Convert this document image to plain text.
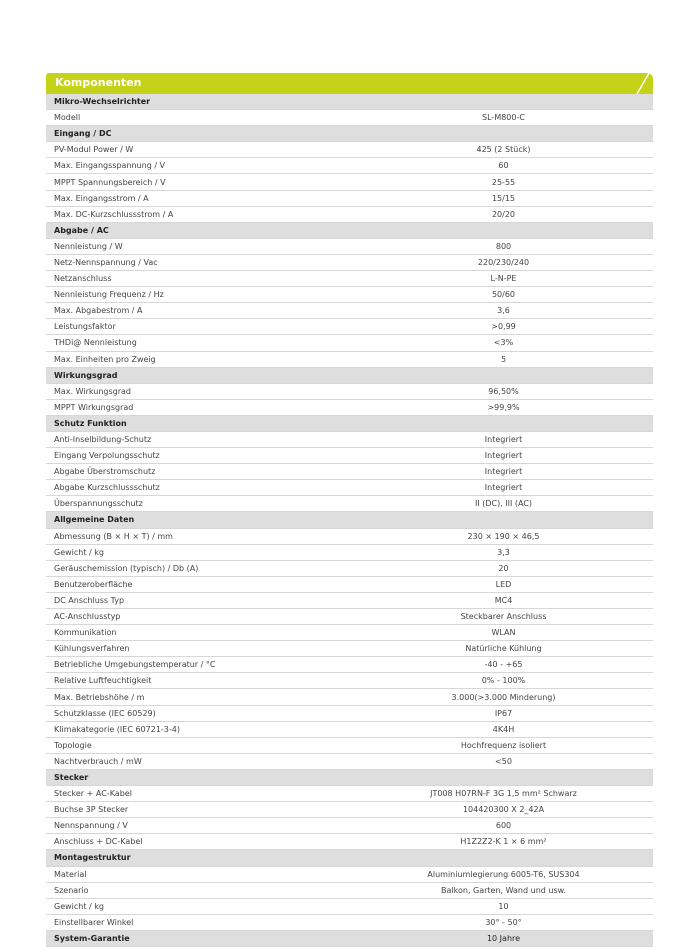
Komponenten
Mikro-Wechselrichter	
Modell	SL-M800-C
Eingang / DC	
PV-Modul Power / W	425 (2 Stück)
Max. Eingangsspannung / V	60
MPPT Spannungsbereich / V	25-55
Max. Eingangsstrom / A	15/15
Max. DC-Kurzschlussstrom / A	20/20
Abgabe / AC	
Nennleistung / W	800
Netz-Nennspannung / Vac	220/230/240
Netzanschluss	L-N-PE
Nennleistung Frequenz / Hz	50/60
Max. Abgabestrom / A	3,6
Leistungsfaktor	>0,99
THDi@ Nennleistung	<3%
Max. Einheiten pro Zweig	5
Wirkungsgrad	
Max. Wirkungsgrad	96,50%
MPPT Wirkungsgrad	>99,9%
Schutz Funktion	
Anti-Inselbildung-Schutz	Integriert
Eingang Verpolungsschutz	Integriert
Abgabe Überstromschutz	Integriert
Abgabe Kurzschlussschutz	Integriert
Überspannungsschutz	II (DC), III (AC)
Allgemeine Daten	
Abmessung (B × H × T) / mm	230 × 190 × 46,5
Gewicht / kg	3,3
Geräuschemission (typisch) / Db (A)	20
Benutzeroberfläche	LED
DC Anschluss Typ	MC4
AC-Anschlusstyp	Steckbarer Anschluss
Kommunikation	WLAN
Kühlungsverfahren	Natürliche Kühlung
Betriebliche Umgebungstemperatur / °C	-40 - +65
Relative Luftfeuchtigkeit	0% - 100%
Max. Betriebshöhe / m	3.000(>3.000 Minderung)
Schutzklasse (IEC 60529)	IP67
Klimakategorie (IEC 60721-3-4)	4K4H
Topologie	Hochfrequenz isoliert
Nachtverbrauch / mW	<50
Stecker	
Stecker + AC-Kabel	JT008 H07RN-F 3G 1,5 mm² Schwarz
Buchse 3P Stecker	104420300 X 2_42A
Nennspannung / V	600
Anschluss + DC-Kabel	H1Z2Z2-K 1 × 6 mm²
Montagestruktur	
Material	Aluminiumlegierung 6005-T6, SUS304
Szenario	Balkon, Garten, Wand und usw.
Gewicht / kg	10
Einstellbarer Winkel	30° - 50°
System-Garantie	10 Jahre
